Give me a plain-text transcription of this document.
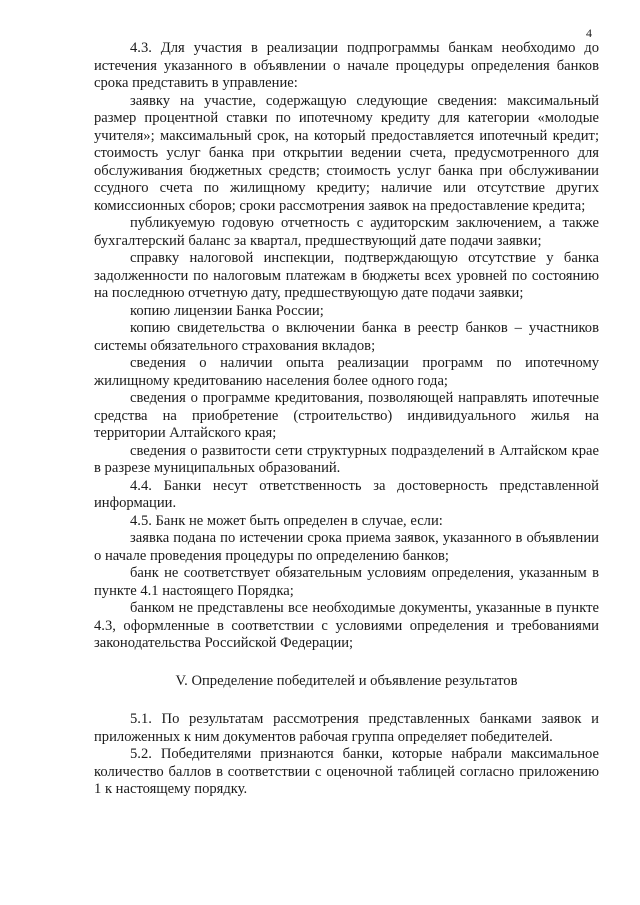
4

4.3. Для участия в реализации подпрограммы банкам необходимо до истечения указанного в объявлении о начале процедуры определения банков срока представить в управление:

заявку на участие, содержащую следующие сведения: максимальный размер процентной ставки по ипотечному кредиту для категории «молодые учителя»; максимальный срок, на который предоставляется ипотечный кредит; стоимость услуг банка при открытии ведении счета, предусмотренного для обслуживания бюджетных средств; стоимость услуг банка при обслуживании ссудного счета по жилищному кредиту; наличие или отсутствие других комиссионных сборов; сроки рассмотрения заявок на предоставление кредита;

публикуемую годовую отчетность с аудиторским заключением, а также бухгалтерский баланс за квартал, предшествующий дате подачи заявки;

справку налоговой инспекции, подтверждающую отсутствие у банка задолженности по налоговым платежам в бюджеты всех уровней по состоянию на последнюю отчетную дату, предшествующую дате подачи заявки;

копию лицензии Банка России;

копию свидетельства о включении банка в реестр банков – участников системы обязательного страхования вкладов;

сведения о наличии опыта реализации программ по ипотечному жилищному кредитованию населения более одного года;

сведения о программе кредитования, позволяющей направлять ипотечные средства на приобретение (строительство) индивидуального жилья на территории Алтайского края;

сведения о развитости сети структурных подразделений в Алтайском крае в разрезе муниципальных образований.

4.4. Банки несут ответственность за достоверность представленной информации.

4.5. Банк не может быть определен в случае, если:

заявка подана по истечении срока приема заявок, указанного в объявлении о начале проведения процедуры по определению банков;

банк не соответствует обязательным условиям определения, указанным в пункте 4.1 настоящего Порядка;

банком не представлены все необходимые документы, указанные в пункте 4.3, оформленные в соответствии с условиями определения и требованиями законодательства Российской Федерации;

V. Определение победителей и объявление результатов

5.1. По результатам рассмотрения представленных банками заявок и приложенных к ним документов рабочая группа определяет победителей.

5.2. Победителями признаются банки, которые набрали максимальное количество баллов в соответствии с оценочной таблицей согласно приложению 1 к настоящему порядку.
